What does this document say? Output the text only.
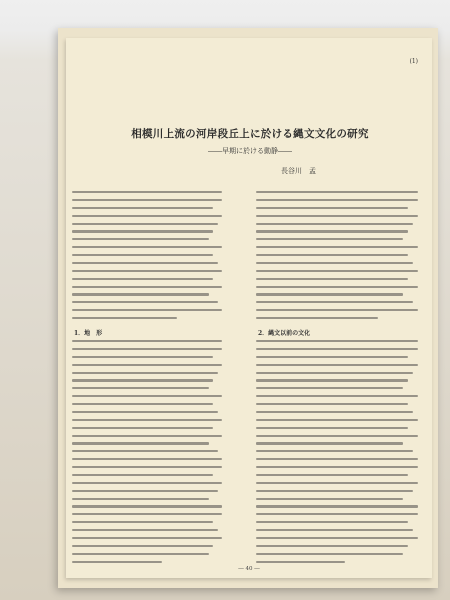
(1)
相模川上流の河岸段丘上に於ける縄文文化の研究
――早期に於ける動静――
長谷川　孟
1．地　形	2．縄文以前の文化
― 40 ―
